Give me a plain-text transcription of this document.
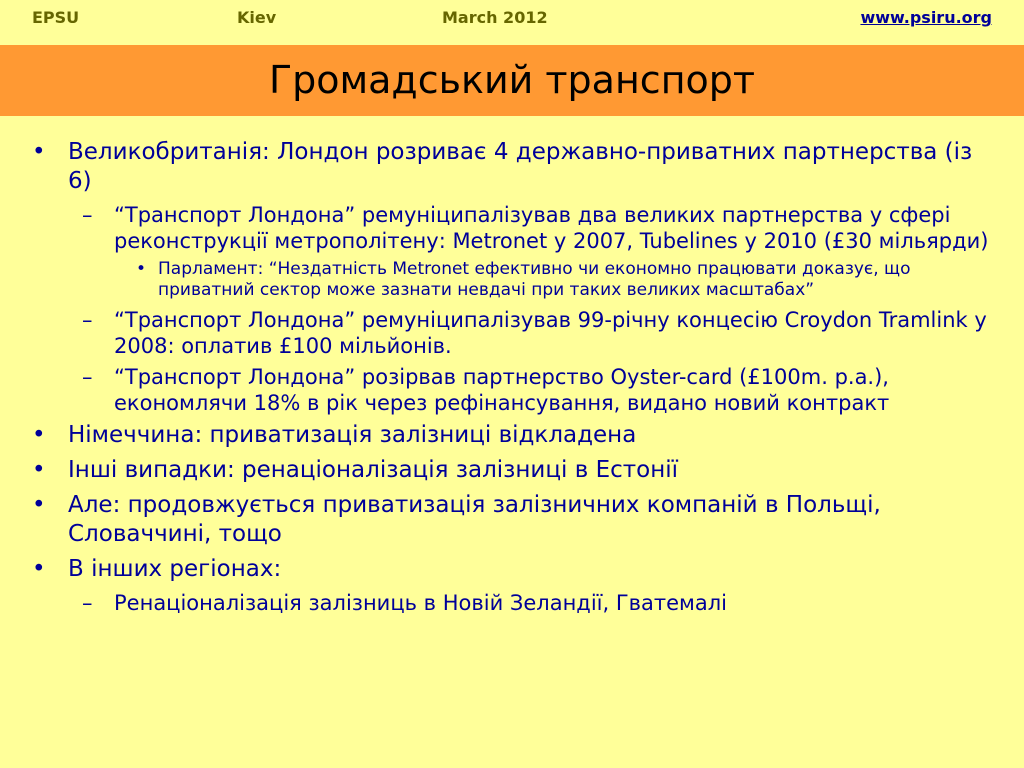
EPSU	Kiev	March 2012	www.psiru.org
Громадський транспорт
• Великобританія: Лондон розриває 4 державно-приватних партнерства (із 6)
– “Транспорт Лондона” ремуніципалізував два великих партнерства у сфері реконструкції метрополітену: Metronet у 2007, Tubelines у 2010 (£30 мільярди)
• Парламент: “Нездатність Metronet ефективно чи економно працювати доказує, що приватний сектор може зазнати невдачі при таких великих масштабах”
– “Транспорт Лондона” ремуніципалізував 99-річну концесію Croydon Tramlink у 2008: оплатив £100 мільйонів.
– “Транспорт Лондона” розірвав партнерство Oyster-card (£100m. р.а.), економлячи 18% в рік через рефінансування, видано новий контракт
• Німеччина: приватизація залізниці відкладена
• Інші випадки: ренаціоналізація залізниці в Естонії
• Але: продовжується приватизація залізничних компаній в Польщі, Словаччині, тощо
• В інших регіонах:
– Ренаціоналізація залізниць в Новій Зеландії, Гватемалі
